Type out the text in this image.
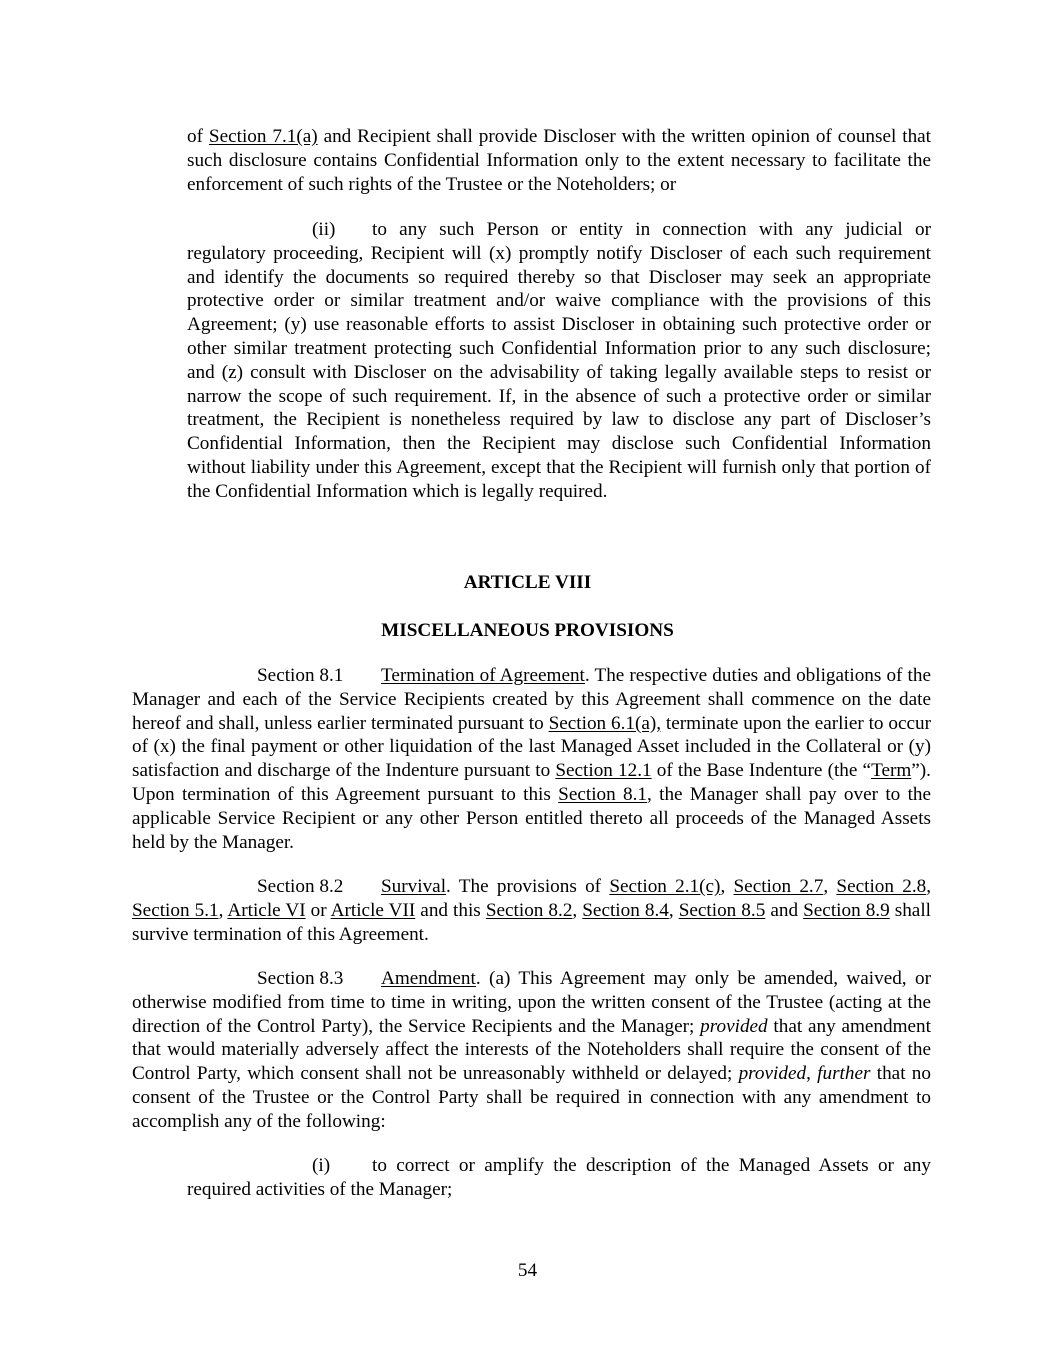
of Section 7.1(a) and Recipient shall provide Discloser with the written opinion of counsel that such disclosure contains Confidential Information only to the extent necessary to facilitate the enforcement of such rights of the Trustee or the Noteholders; or

(ii) to any such Person or entity in connection with any judicial or regulatory proceeding, Recipient will (x) promptly notify Discloser of each such requirement and identify the documents so required thereby so that Discloser may seek an appropriate protective order or similar treatment and/or waive compliance with the provisions of this Agreement; (y) use reasonable efforts to assist Discloser in obtaining such protective order or other similar treatment protecting such Confidential Information prior to any such disclosure; and (z) consult with Discloser on the advisability of taking legally available steps to resist or narrow the scope of such requirement. If, in the absence of such a protective order or similar treatment, the Recipient is nonetheless required by law to disclose any part of Discloser’s Confidential Information, then the Recipient may disclose such Confidential Information without liability under this Agreement, except that the Recipient will furnish only that portion of the Confidential Information which is legally required.

ARTICLE VIII

MISCELLANEOUS PROVISIONS

Section 8.1 Termination of Agreement. The respective duties and obligations of the Manager and each of the Service Recipients created by this Agreement shall commence on the date hereof and shall, unless earlier terminated pursuant to Section 6.1(a), terminate upon the earlier to occur of (x) the final payment or other liquidation of the last Managed Asset included in the Collateral or (y) satisfaction and discharge of the Indenture pursuant to Section 12.1 of the Base Indenture (the “Term”). Upon termination of this Agreement pursuant to this Section 8.1, the Manager shall pay over to the applicable Service Recipient or any other Person entitled thereto all proceeds of the Managed Assets held by the Manager.

Section 8.2 Survival. The provisions of Section 2.1(c), Section 2.7, Section 2.8, Section 5.1, Article VI or Article VII and this Section 8.2, Section 8.4, Section 8.5 and Section 8.9 shall survive termination of this Agreement.

Section 8.3 Amendment. (a) This Agreement may only be amended, waived, or otherwise modified from time to time in writing, upon the written consent of the Trustee (acting at the direction of the Control Party), the Service Recipients and the Manager; provided that any amendment that would materially adversely affect the interests of the Noteholders shall require the consent of the Control Party, which consent shall not be unreasonably withheld or delayed; provided, further that no consent of the Trustee or the Control Party shall be required in connection with any amendment to accomplish any of the following:

(i) to correct or amplify the description of the Managed Assets or any required activities of the Manager;

54
